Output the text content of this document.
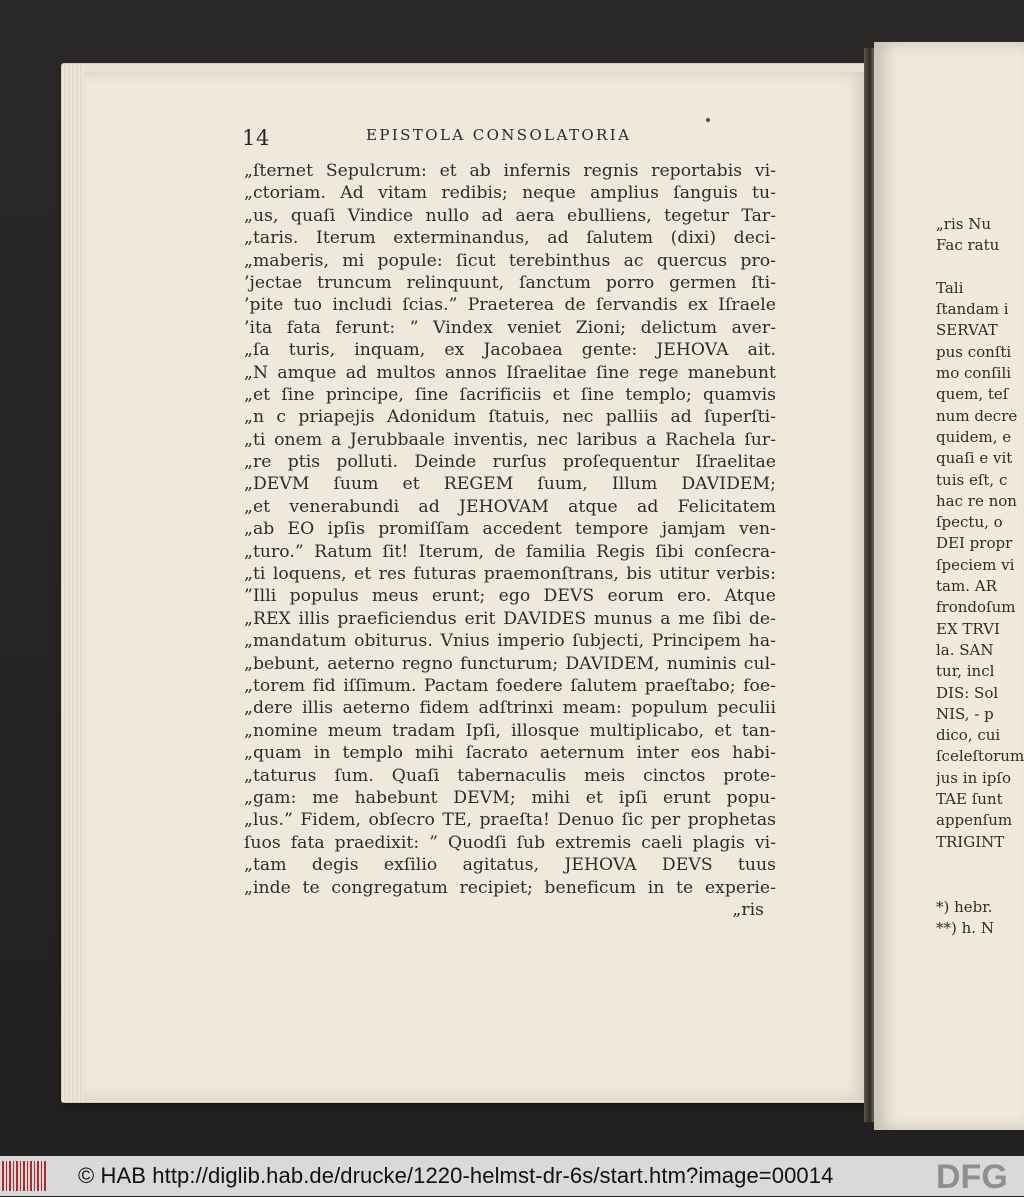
14	EPISTOLA CONSOLATORIA
„ſternet Sepulcrum: et ab infernis regnis reportabis vi-
„ctoriam. Ad vitam redibis; neque amplius ſanguis tu-
„us, quaſi Vindice nullo ad aera ebulliens, tegetur Tar-
„taris. Iterum exterminandus, ad ſalutem (dixi) deci-
„maberis, mi popule: ſicut terebinthus ac quercus pro-
’jectae truncum relinquunt, ſanctum porro germen ſti-
’pite tuo includi ſcias.” Praeterea de ſervandis ex Iſraele
’ita fata ferunt: ” Vindex veniet Zioni; delictum aver-
„ſa turis, inquam, ex Jacobaea gente: JEHOVA ait.
„N amque ad multos annos Iſraelitae ſine rege manebunt
„et ſine principe, ſine ſacrificiis et ſine templo; quamvis
„n c priapejis Adonidum ſtatuis, nec palliis ad ſuperſti-
„ti onem a Jerubbaale inventis, nec laribus a Rachela ſur-
„re ptis polluti. Deinde rurſus proſequentur Iſraelitae
„DEVM ſuum et REGEM ſuum, Illum DAVIDEM;
„et venerabundi ad JEHOVAM atque ad Felicitatem
„ab EO ipſis promiſſam accedent tempore jamjam ven-
„turo.” Ratum ſit! Iterum, de familia Regis ſibi conſecra-
„ti loquens, et res futuras praemonſtrans, bis utitur verbis:
”Illi populus meus erunt; ego DEVS eorum ero. Atque
„REX illis praeficiendus erit DAVIDES munus a me ſibi de-
„mandatum obiturus. Vnius imperio ſubjecti, Principem ha-
„bebunt, aeterno regno functurum; DAVIDEM, numinis cul-
„torem fid iſſimum. Pactam foedere ſalutem praeſtabo; foe-
„dere illis aeterno fidem adſtrinxi meam: populum peculii
„nomine meum tradam Ipſi, illosque multiplicabo, et tan-
„quam in templo mihi ſacrato aeternum inter eos habi-
„taturus ſum. Quaſi tabernaculis meis cinctos prote-
„gam: me habebunt DEVM; mihi et ipſi erunt popu-
„lus.” Fidem, obſecro TE, praeſta! Denuo ſic per prophetas
ſuos fata praedixit: ” Quodſi ſub extremis caeli plagis vi-
„tam degis exſilio agitatus, JEHOVA DEVS tuus
„inde te congregatum recipiet; beneficum in te experie-
„ris
„ris Nu
Fac ratu
Tali
ſtandam i
SERVAT
pus conſti
mo conſili
quem, teſ
num decre
quidem, e
quaſi e vit
tuis eſt, c
hac re non
ſpectu, o
DEI propr
ſpeciem vi
tam. AR
frondoſum
EX TRVI
la. SAN
tur, incl
DIS: Sol
NIS, - p
dico, cui
ſceleſtorum
jus in ipſo
TAE ſunt
appenſum
TRIGINT
*) hebr.
**) h. N
© HAB http://diglib.hab.de/drucke/1220-helmst-dr-6s/start.htm?image=00014	DFG
